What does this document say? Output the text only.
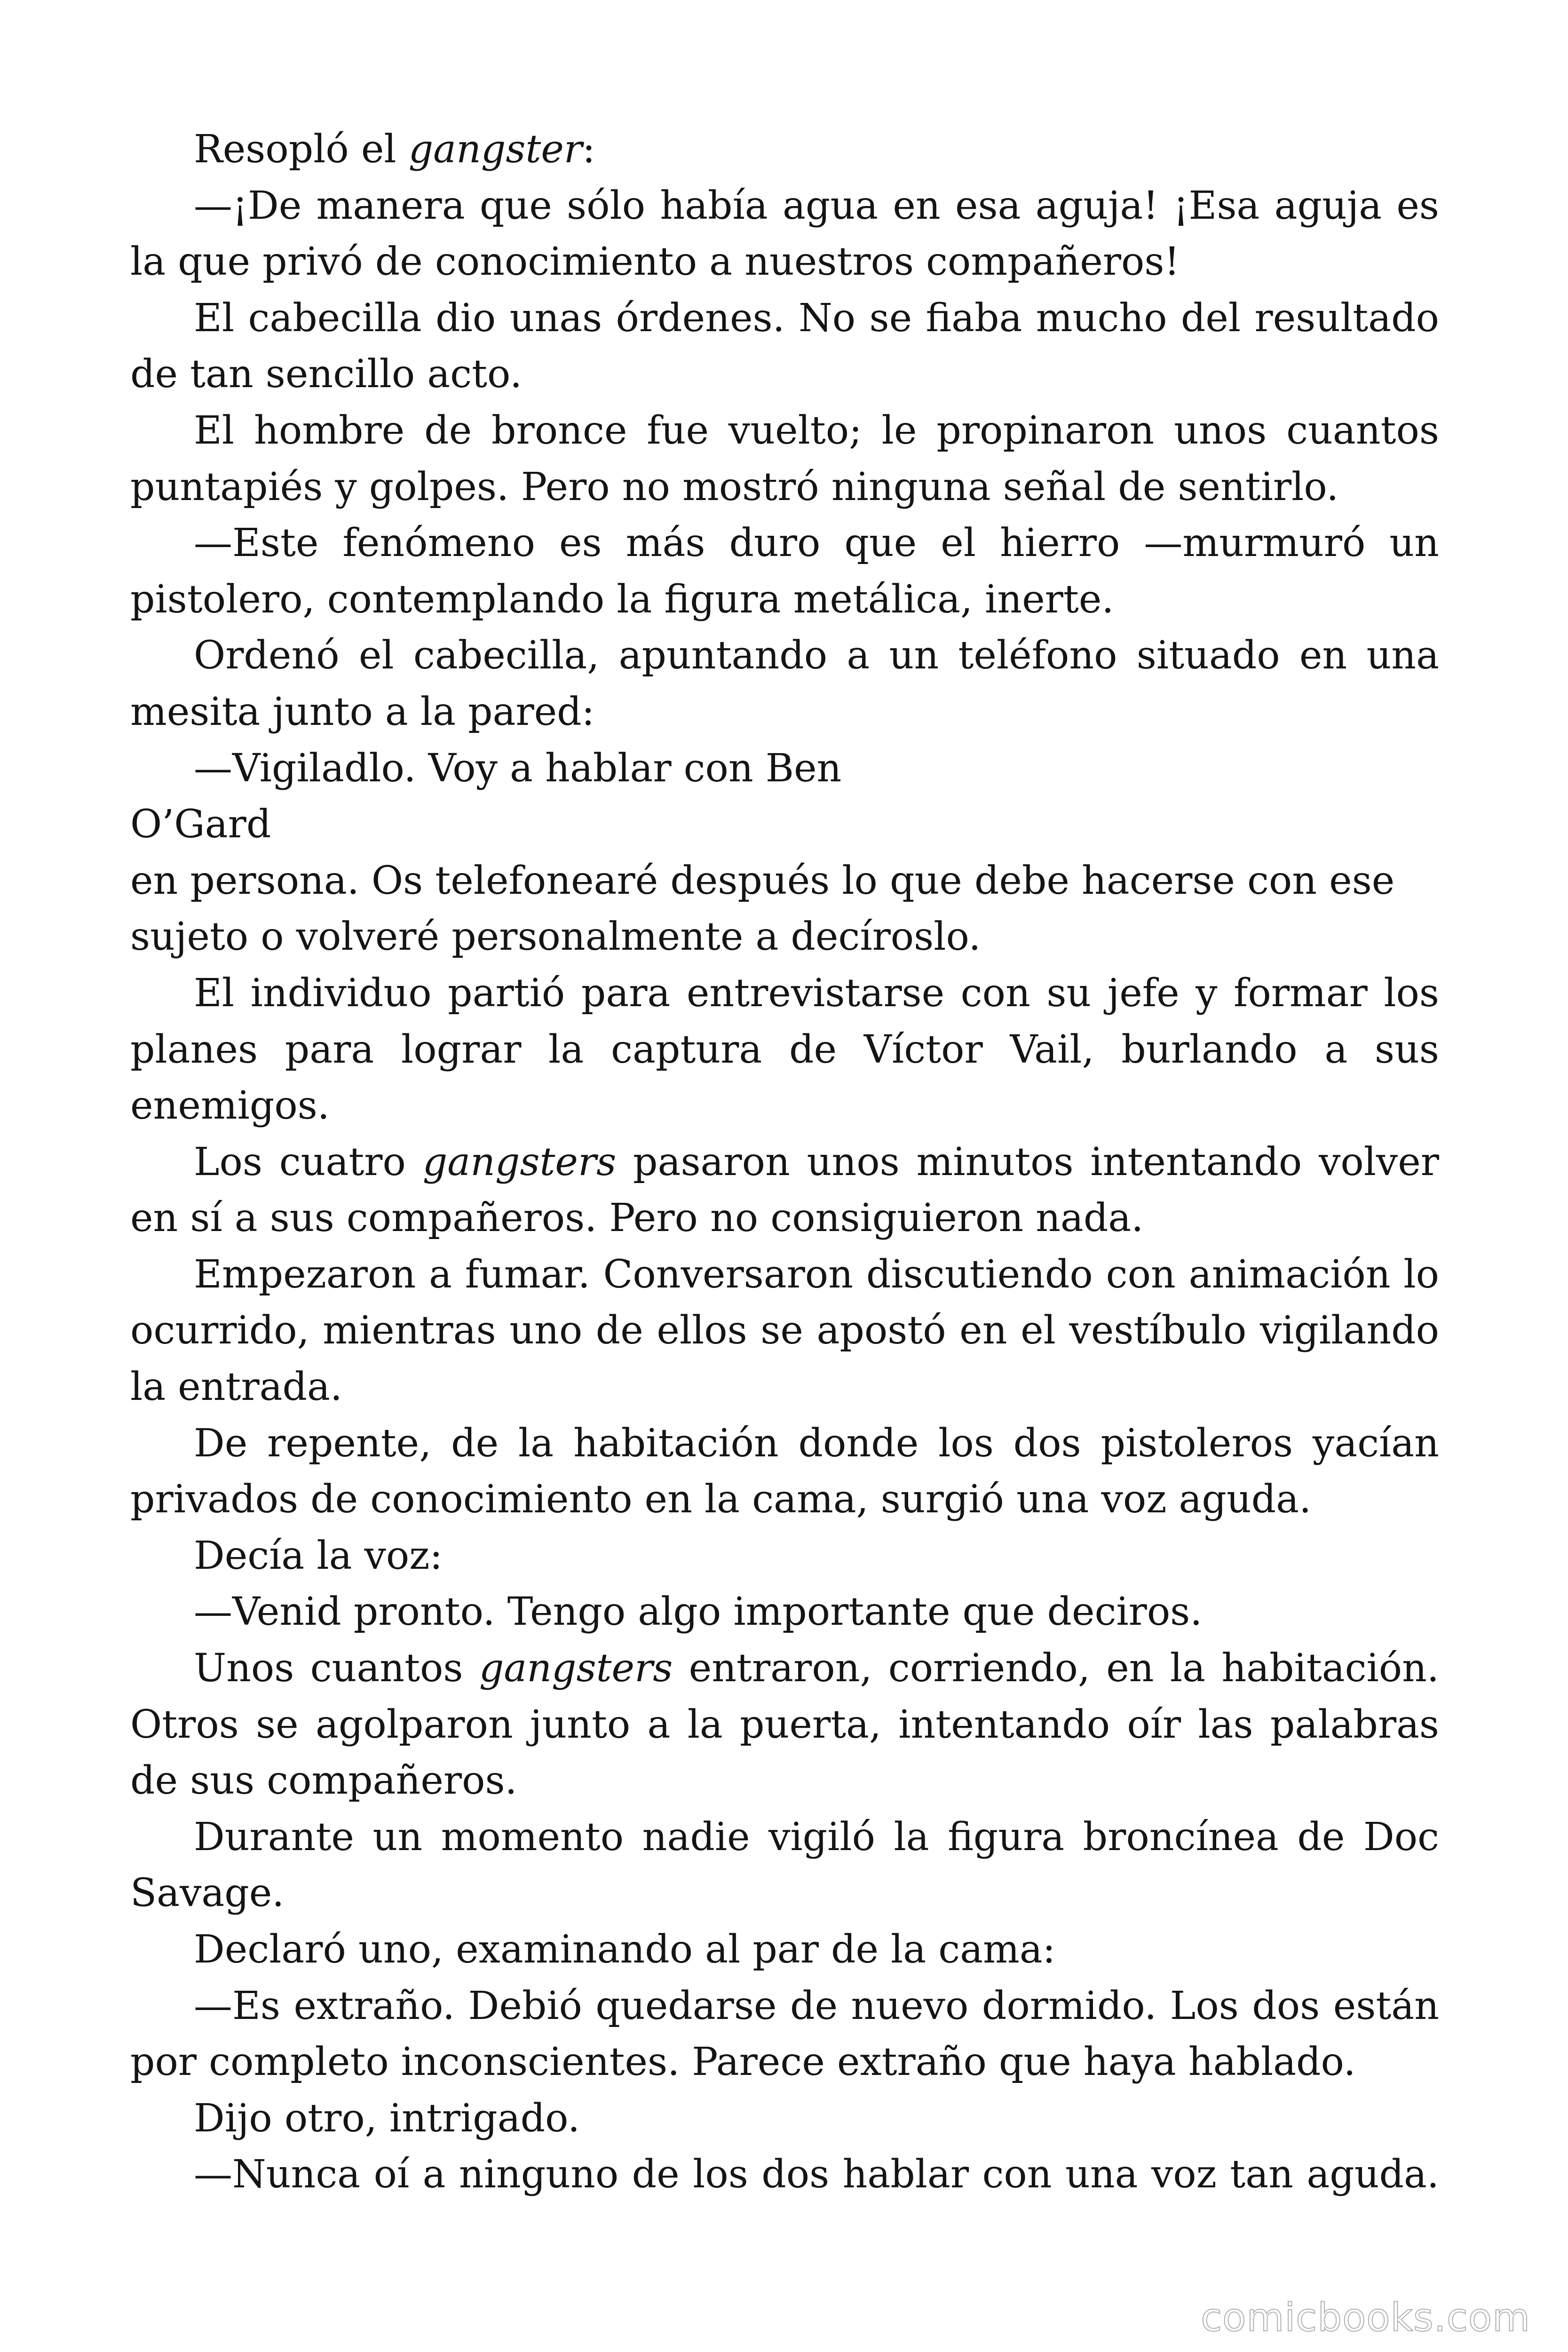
Resopló el gangster:

—¡De manera que sólo había agua en esa aguja! ¡Esa aguja es la que privó de conocimiento a nuestros compañeros!

El cabecilla dio unas órdenes. No se fiaba mucho del resultado de tan sencillo acto.

El hombre de bronce fue vuelto; le propinaron unos cuantos puntapiés y golpes. Pero no mostró ninguna señal de sentirlo.

—Este fenómeno es más duro que el hierro —murmuró un pistolero, contemplando la figura metálica, inerte.

Ordenó el cabecilla, apuntando a un teléfono situado en una mesita junto a la pared:

—Vigiladlo. Voy a hablar con Ben

O’Gard

en persona. Os telefonearé después lo que debe hacerse con ese sujeto o volveré personalmente a decíroslo.

El individuo partió para entrevistarse con su jefe y formar los planes para lograr la captura de Víctor Vail, burlando a sus enemigos.

Los cuatro gangsters pasaron unos minutos intentando volver en sí a sus compañeros. Pero no consiguieron nada.

Empezaron a fumar. Conversaron discutiendo con animación lo ocurrido, mientras uno de ellos se apostó en el vestíbulo vigilando la entrada.

De repente, de la habitación donde los dos pistoleros yacían privados de conocimiento en la cama, surgió una voz aguda.

Decía la voz:

—Venid pronto. Tengo algo importante que deciros.

Unos cuantos gangsters entraron, corriendo, en la habitación. Otros se agolparon junto a la puerta, intentando oír las palabras de sus compañeros.

Durante un momento nadie vigiló la figura broncínea de Doc Savage.

Declaró uno, examinando al par de la cama:

—Es extraño. Debió quedarse de nuevo dormido. Los dos están por completo inconscientes. Parece extraño que haya hablado.

Dijo otro, intrigado.

—Nunca oí a ninguno de los dos hablar con una voz tan aguda.

comicbooks.com
